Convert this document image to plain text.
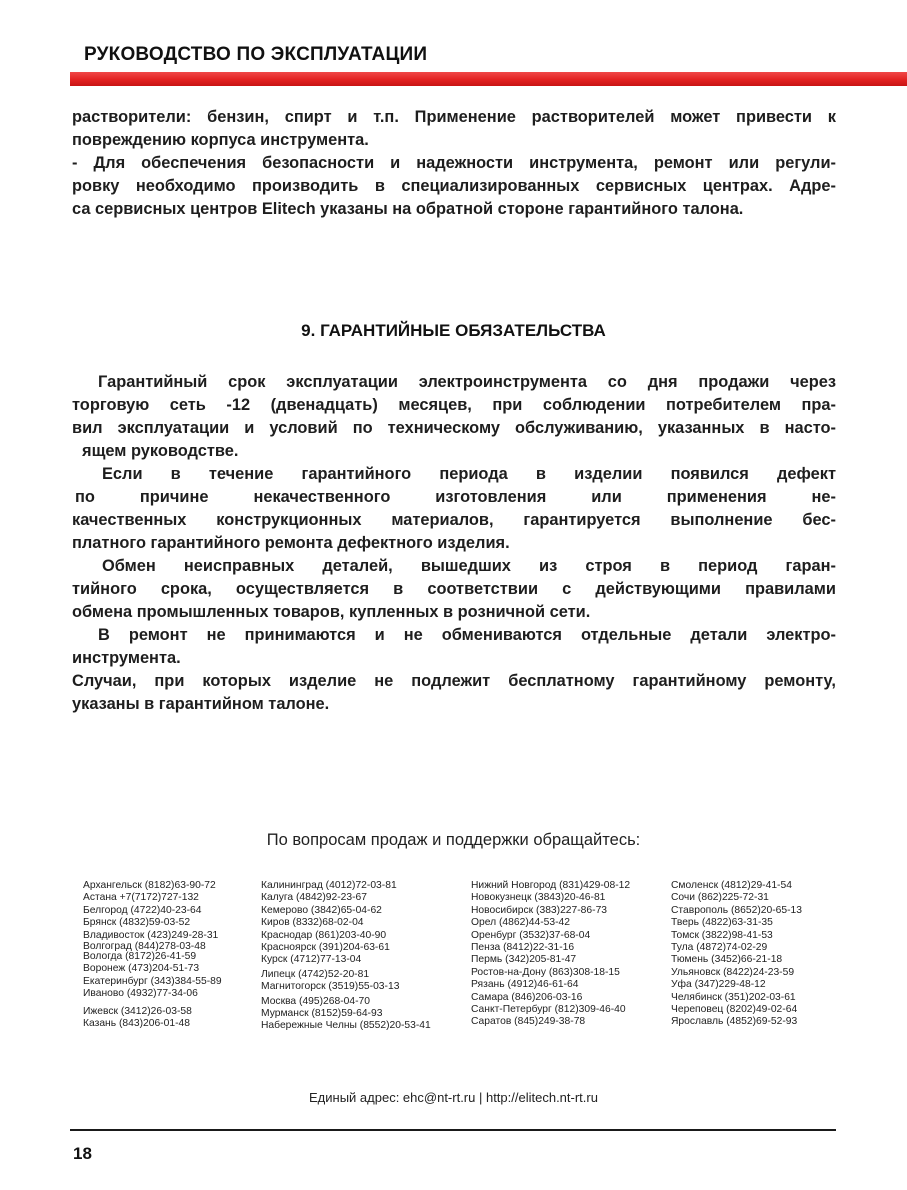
РУКОВОДСТВО ПО ЭКСПЛУАТАЦИИ
растворители: бензин, спирт и т.п. Применение растворителей может привести к
повреждению корпуса инструмента.
- Для обеспечения безопасности и надежности инструмента, ремонт или регули-
ровку необходимо производить в специализированных сервисных центрах. Адре-
са сервисных центров Elitech указаны на обратной стороне гарантийного талона.
9. ГАРАНТИЙНЫЕ ОБЯЗАТЕЛЬСТВА
Гарантийный срок эксплуатации электроинструмента со дня продажи через
торговую сеть -12 (двенадцать) месяцев, при соблюдении потребителем пра-
вил эксплуатации и условий по техническому обслуживанию, указанных в насто-
ящем руководстве.
Если в течение гарантийного периода в изделии появился дефект
по причине некачественного изготовления или применения не-
качественных конструкционных материалов, гарантируется выполнение бес-
платного гарантийного ремонта дефектного изделия.
Обмен неисправных деталей, вышедших из строя в период гаран-
тийного срока, осуществляется в соответствии с действующими правилами
обмена промышленных товаров, купленных в розничной сети.
В ремонт не принимаются и не обмениваются отдельные детали электро-
инструмента.
Случаи, при которых изделие не подлежит бесплатному гарантийному ремонту,
указаны в гарантийном талоне.
По вопросам продаж и поддержки обращайтесь:
Архангельск (8182)63-90-72
Астана +7(7172)727-132
Белгород (4722)40-23-64
Брянск (4832)59-03-52
Владивосток (423)249-28-31
Волгоград (844)278-03-48
Вологда (8172)26-41-59
Воронеж (473)204-51-73
Екатеринбург (343)384-55-89
Иваново (4932)77-34-06
Ижевск (3412)26-03-58
Казань (843)206-01-48
Калининград (4012)72-03-81
Калуга (4842)92-23-67
Кемерово (3842)65-04-62
Киров (8332)68-02-04
Краснодар (861)203-40-90
Красноярск (391)204-63-61
Курск (4712)77-13-04
Липецк (4742)52-20-81
Магнитогорск (3519)55-03-13
Москва (495)268-04-70
Мурманск (8152)59-64-93
Набережные Челны (8552)20-53-41
Нижний Новгород (831)429-08-12
Новокузнецк (3843)20-46-81
Новосибирск (383)227-86-73
Орел (4862)44-53-42
Оренбург (3532)37-68-04
Пенза (8412)22-31-16
Пермь (342)205-81-47
Ростов-на-Дону (863)308-18-15
Рязань (4912)46-61-64
Самара (846)206-03-16
Санкт-Петербург (812)309-46-40
Саратов (845)249-38-78
Смоленск (4812)29-41-54
Сочи (862)225-72-31
Ставрополь (8652)20-65-13
Тверь (4822)63-31-35
Томск (3822)98-41-53
Тула (4872)74-02-29
Тюмень (3452)66-21-18
Ульяновск (8422)24-23-59
Уфа (347)229-48-12
Челябинск (351)202-03-61
Череповец (8202)49-02-64
Ярославль (4852)69-52-93
Единый адрес: ehc@nt-rt.ru | http://elitech.nt-rt.ru
18
